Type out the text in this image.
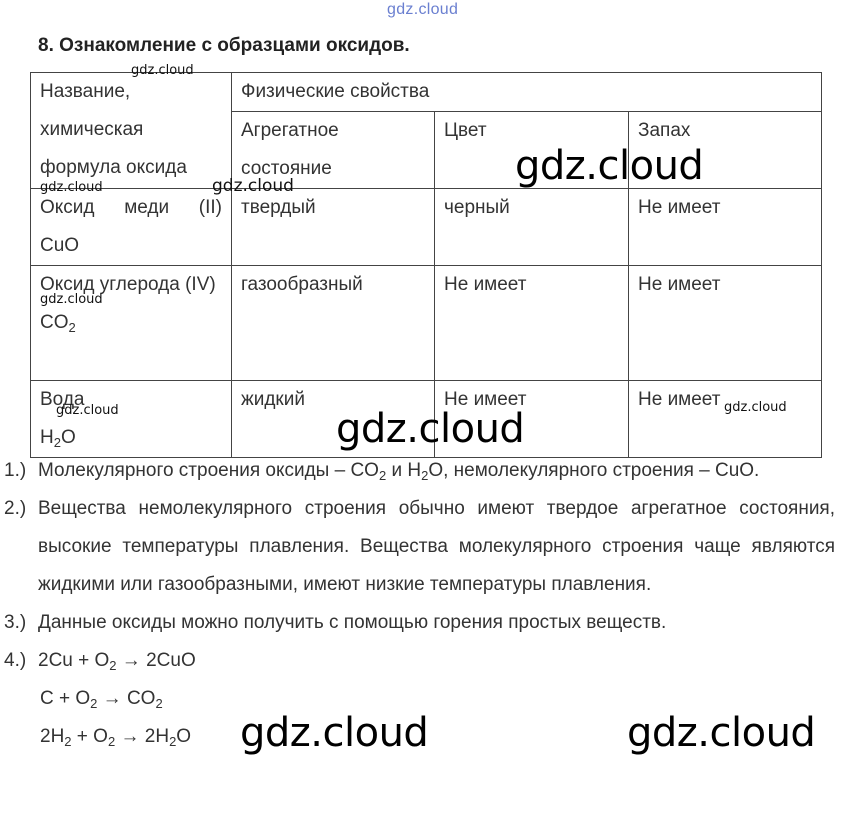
gdz.cloud
8. Ознакомление с образцами оксидов.
Название,
химическая
формула оксида	Физические свойства		

	Агрегатное
состояние	Цвет	Запах

Оксид меди (II)
CuO	твердый	черный	Не имеет

Оксид углерода (IV)
$CO_2$	газообразный	Не имеет	Не имеет

Вода
$H_2O$	жидкий	Не имеет	Не имеет
1.) Молекулярного строения оксиды – $CO_2$ и $H_2O$, немолекулярного строения – CuO.
2.) Вещества немолекулярного строения обычно имеют твердое агрегатное состояния, высокие температуры плавления. Вещества молекулярного строения чаще являются жидкими или газообразными, имеют низкие температуры плавления.
3.) Данные оксиды можно получить с помощью горения простых веществ.
4.) $2Cu + O_2 \to 2CuO$
$C + O_2 \to CO_2$
$2H_2 + O_2 \to 2H_2O$
gdz.cloud
gdz.cloud	gdz.cloud	gdz.cloud
gdz.cloud
gdz.cloud	gdz.cloud
gdz.cloud
gdz.cloud	gdz.cloud
